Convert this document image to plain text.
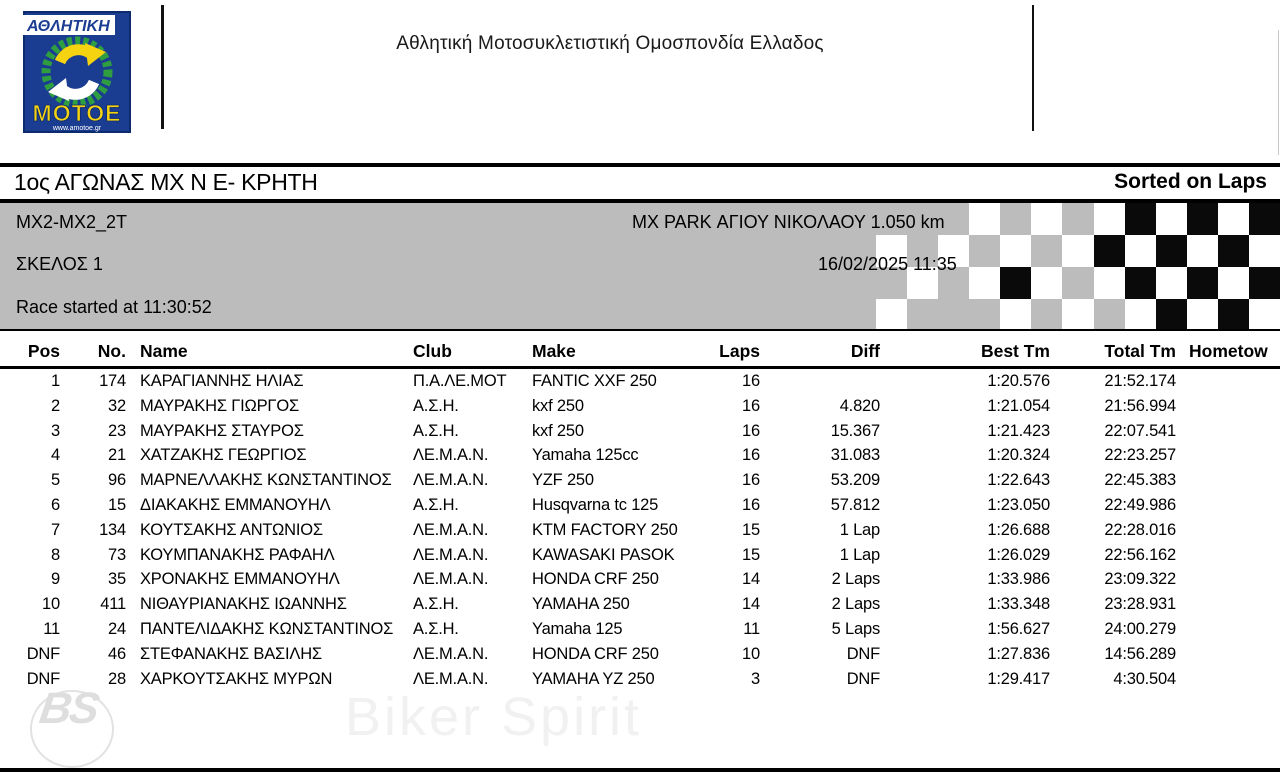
ΑΘΛΗΤΙΚΗ
ΜΟΤΟΕ
www.amotoe.gr
Αθλητική Μοτοσυκλετιστική Ομοσπονδία Ελλαδος
1ος ΑΓΩΝΑΣ MX N E- ΚΡΗΤΗ	Sorted on Laps
MX2-MX2_2T	MX PARK ΑΓΙΟΥ ΝΙΚΟΛΑΟΥ 1.050 km
ΣΚΕΛΟΣ 1	16/02/2025 11:35
Race started at 11:30:52
Pos	No.	Name	Club	Make	Laps	Diff	Best Tm	Total Tm	Hometow
1	174	ΚΑΡΑΓΙΑΝΝΗΣ ΗΛΙΑΣ	Π.Α.ΛΕ.ΜΟΤ	FANTIC XXF 250	16		1:20.576	21:52.174	
2	32	ΜΑΥΡΑΚΗΣ ΓΙΩΡΓΟΣ	Α.Σ.Η.	kxf 250	16	4.820	1:21.054	21:56.994	
3	23	ΜΑΥΡΑΚΗΣ ΣΤΑΥΡΟΣ	Α.Σ.Η.	kxf 250	16	15.367	1:21.423	22:07.541	
4	21	ΧΑΤΖΑΚΗΣ ΓΕΩΡΓΙΟΣ	ΛΕ.Μ.Α.Ν.	Yamaha 125cc	16	31.083	1:20.324	22:23.257	
5	96	ΜΑΡΝΕΛΛΑΚΗΣ ΚΩΝΣΤΑΝΤΙΝΟΣ	ΛΕ.Μ.Α.Ν.	YZF 250	16	53.209	1:22.643	22:45.383	
6	15	ΔΙΑΚΑΚΗΣ ΕΜΜΑΝΟΥΗΛ	Α.Σ.Η.	Husqvarna tc 125	16	57.812	1:23.050	22:49.986	
7	134	ΚΟΥΤΣΑΚΗΣ ΑΝΤΩΝΙΟΣ	ΛΕ.Μ.Α.Ν.	KTM FACTORY 250	15	1 Lap	1:26.688	22:28.016	
8	73	ΚΟΥΜΠΑΝΑΚΗΣ ΡΑΦΑΗΛ	ΛΕ.Μ.Α.Ν.	KAWASAKI PASOK	15	1 Lap	1:26.029	22:56.162	
9	35	ΧΡΟΝΑΚΗΣ ΕΜΜΑΝΟΥΗΛ	ΛΕ.Μ.Α.Ν.	HONDA CRF 250	14	2 Laps	1:33.986	23:09.322	
10	411	ΝΙΘΑΥΡΙΑΝΑΚΗΣ ΙΩΑΝΝΗΣ	Α.Σ.Η.	YAMAHA 250	14	2 Laps	1:33.348	23:28.931	
11	24	ΠΑΝΤΕΛΙΔΑΚΗΣ ΚΩΝΣΤΑΝΤΙΝΟΣ	Α.Σ.Η.	Yamaha 125	11	5 Laps	1:56.627	24:00.279	
DNF	46	ΣΤΕΦΑΝΑΚΗΣ ΒΑΣΙΛΗΣ	ΛΕ.Μ.Α.Ν.	HONDA CRF 250	10	DNF	1:27.836	14:56.289	
DNF	28	ΧΑΡΚΟΥΤΣΑΚΗΣ ΜΥΡΩΝ	ΛΕ.Μ.Α.Ν.	YAMAHA YZ 250	3	DNF	1:29.417	4:30.504	
BS	Biker Spirit
